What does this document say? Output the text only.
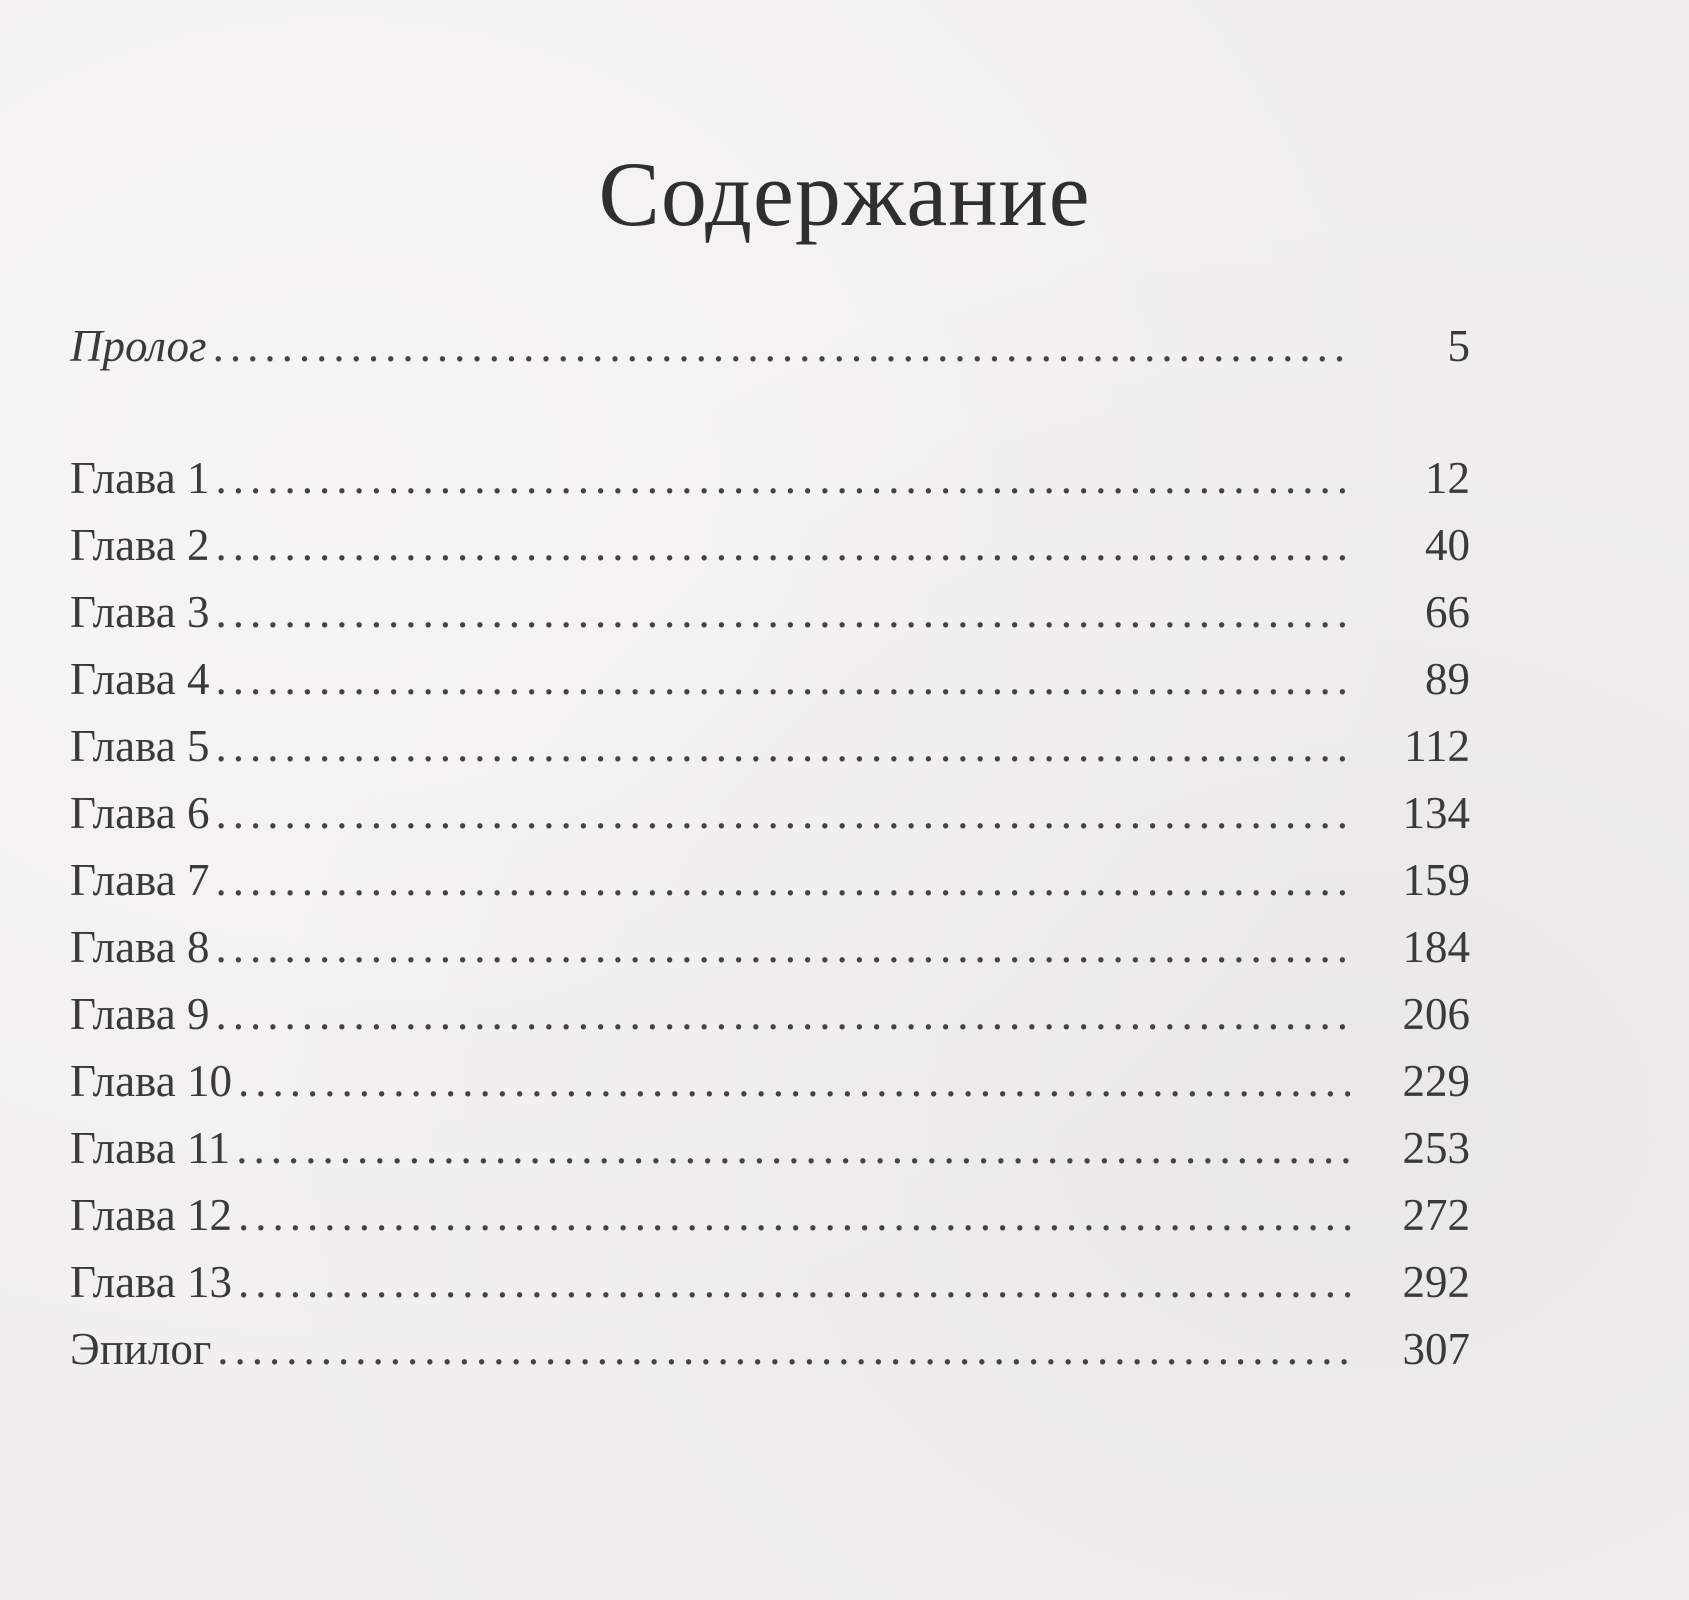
Содержание
Пролог .....	5
Глава 1 .....	12
Глава 2 .....	40
Глава 3 .....	66
Глава 4 .....	89
Глава 5 .....	112
Глава 6 .....	134
Глава 7 .....	159
Глава 8 .....	184
Глава 9 .....	206
Глава 10 .....	229
Глава 11 .....	253
Глава 12 .....	272
Глава 13 .....	292
Эпилог .....	307
